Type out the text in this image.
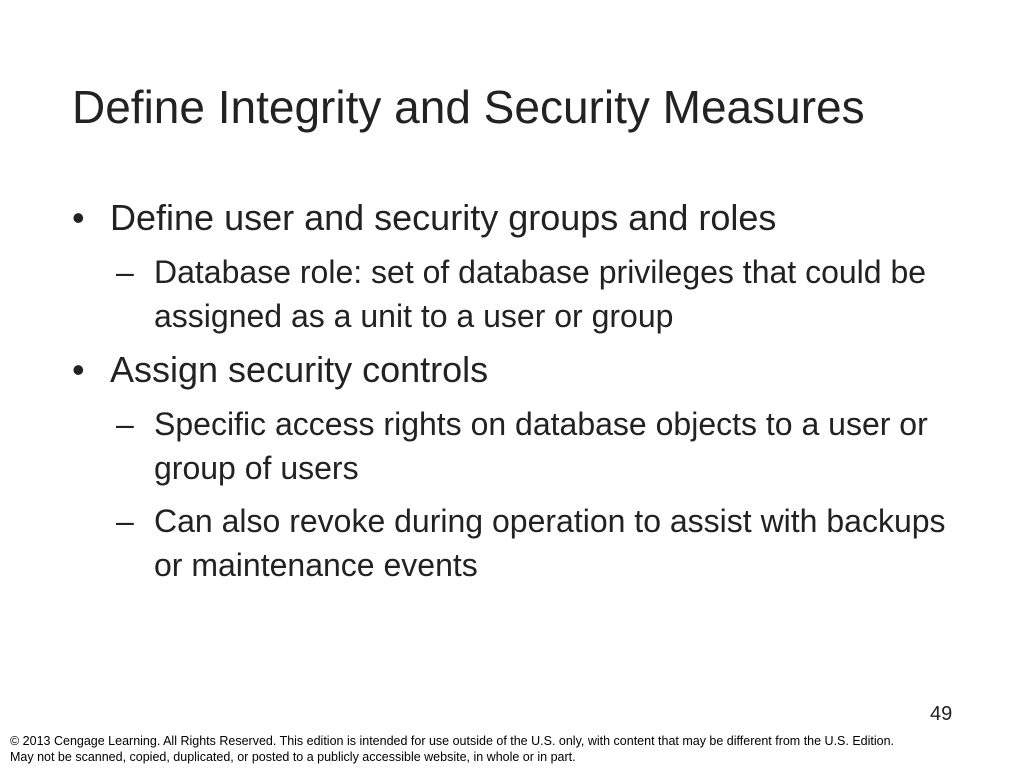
Define Integrity and Security Measures
• Define user and security groups and roles
– Database role: set of database privileges that could be assigned as a unit to a user or group
• Assign security controls
– Specific access rights on database objects to a user or group of users
– Can also revoke during operation to assist with backups or maintenance events
49
© 2013 Cengage Learning. All Rights Reserved. This edition is intended for use outside of the U.S. only, with content that may be different from the U.S. Edition.
May not be scanned, copied, duplicated, or posted to a publicly accessible website, in whole or in part.
